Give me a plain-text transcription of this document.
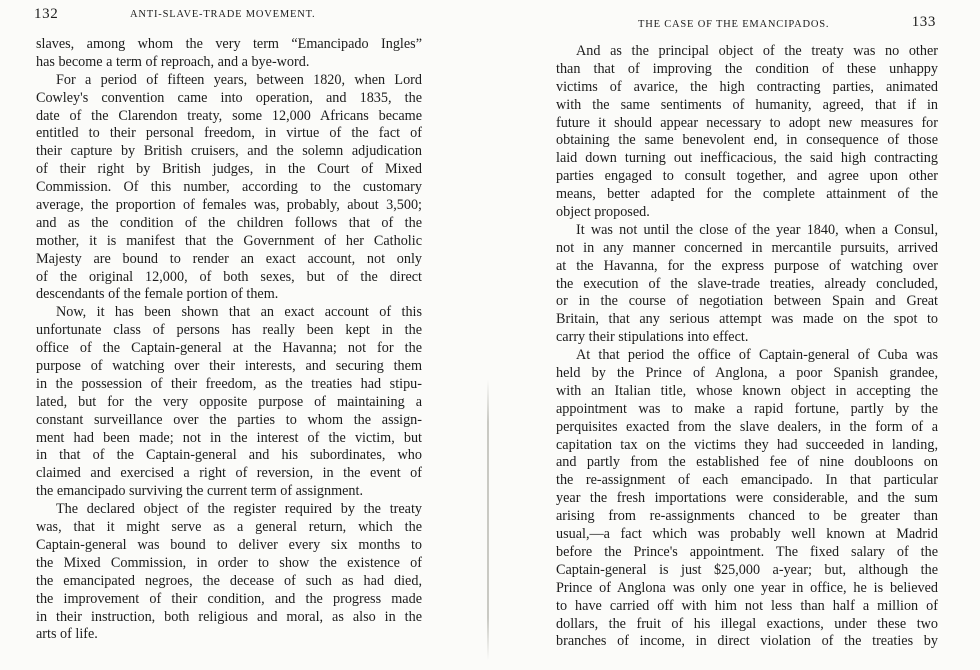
132	ANTI-SLAVE-TRADE MOVEMENT.
slaves, among whom the very term “Emancipado Ingles”
has become a term of reproach, and a bye-word.
For a period of fifteen years, between 1820, when Lord
Cowley's convention came into operation, and 1835, the
date of the Clarendon treaty, some 12,000 Africans became
entitled to their personal freedom, in virtue of the fact of
their capture by British cruisers, and the solemn adjudication
of their right by British judges, in the Court of Mixed
Commission. Of this number, according to the customary
average, the proportion of females was, probably, about 3,500;
and as the condition of the children follows that of the
mother, it is manifest that the Government of her Catholic
Majesty are bound to render an exact account, not only
of the original 12,000, of both sexes, but of the direct
descendants of the female portion of them.
Now, it has been shown that an exact account of this
unfortunate class of persons has really been kept in the
office of the Captain-general at the Havanna; not for the
purpose of watching over their interests, and securing them
in the possession of their freedom, as the treaties had stipu-
lated, but for the very opposite purpose of maintaining a
constant surveillance over the parties to whom the assign-
ment had been made; not in the interest of the victim, but
in that of the Captain-general and his subordinates, who
claimed and exercised a right of reversion, in the event of
the emancipado surviving the current term of assignment.
The declared object of the register required by the treaty
was, that it might serve as a general return, which the
Captain-general was bound to deliver every six months to
the Mixed Commission, in order to show the existence of
the emancipated negroes, the decease of such as had died,
the improvement of their condition, and the progress made
in their instruction, both religious and moral, as also in the
arts of life.
THE CASE OF THE EMANCIPADOS.	133
And as the principal object of the treaty was no other
than that of improving the condition of these unhappy
victims of avarice, the high contracting parties, animated
with the same sentiments of humanity, agreed, that if in
future it should appear necessary to adopt new measures for
obtaining the same benevolent end, in consequence of those
laid down turning out inefficacious, the said high contracting
parties engaged to consult together, and agree upon other
means, better adapted for the complete attainment of the
object proposed.
It was not until the close of the year 1840, when a Consul,
not in any manner concerned in mercantile pursuits, arrived
at the Havanna, for the express purpose of watching over
the execution of the slave-trade treaties, already concluded,
or in the course of negotiation between Spain and Great
Britain, that any serious attempt was made on the spot to
carry their stipulations into effect.
At that period the office of Captain-general of Cuba was
held by the Prince of Anglona, a poor Spanish grandee,
with an Italian title, whose known object in accepting the
appointment was to make a rapid fortune, partly by the
perquisites exacted from the slave dealers, in the form of a
capitation tax on the victims they had succeeded in landing,
and partly from the established fee of nine doubloons on
the re-assignment of each emancipado. In that particular
year the fresh importations were considerable, and the sum
arising from re-assignments chanced to be greater than
usual,—a fact which was probably well known at Madrid
before the Prince's appointment. The fixed salary of the
Captain-general is just $25,000 a-year; but, although the
Prince of Anglona was only one year in office, he is believed
to have carried off with him not less than half a million of
dollars, the fruit of his illegal exactions, under these two
branches of income, in direct violation of the treaties by
